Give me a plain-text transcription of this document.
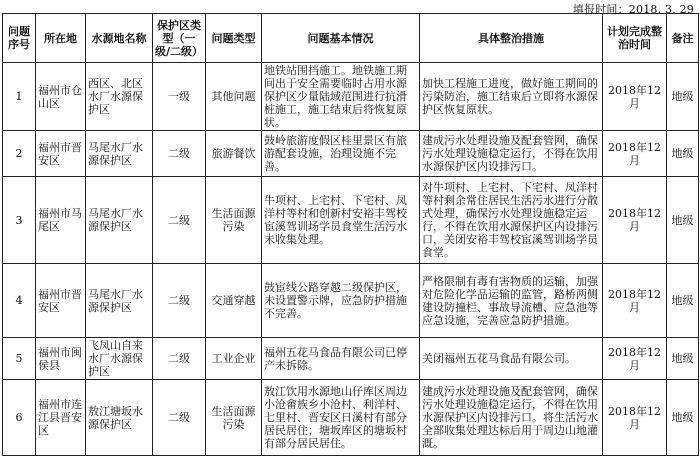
填报时间：2018. 3. 29
问题序号	所在地	水源地名称	保护区类型（一级/二级）	问题类型	问题基本情况	具体整治措施	计划完成整治时间	备注
1	福州市仓山区	西区、北区水厂水源保护区	一级	其他问题	地铁站围挡施工。地铁施工期间出于安全需要临时占用水源保护区少量陆域范围进行抗滑桩施工，施工结束后将恢复原状。	加快工程施工进度，做好施工期间的污染防治，施工结束后立即将水源保护区恢复原状。	2018年12月	地级
2	福州市晋安区	马尾水厂水源保护区	二级	旅游餐饮	鼓岭旅游度假区桂里景区有旅游配套设施，治理设施不完善。	建成污水处理设施及配套管网，确保污水处理设施稳定运行，不得在饮用水源保护区内设排污口。	2018年12月	地级
3	福州市马尾区	马尾水厂水源保护区	二级	生活面源污染	牛项村、上宅村、下宅村、凤洋村等村和创新村安裕丰驾校宦溪驾训场学员食堂生活污水未收集处理。	对牛项村、上宅村、下宅村、凤洋村等村剩余常住居民生活污水进行分散式处理，确保污水处理设施稳定运行，不得在饮用水源保护区内设排污口，关闭安裕丰驾校宦溪驾训场学员食堂。	2018年12月	地级
4	福州市晋安区	马尾水厂水源保护区	二级	交通穿越	鼓宦线公路穿越二级保护区，未设置警示牌，应急防护措施不完善。	严格限制有毒有害物质的运输，加强对危险化学品运输的监管，路桥两侧建设防撞栏、事故导流槽、应急池等应急设施，完善应急防护措施。	2018年12月	地级
5	福州市闽侯县	飞凤山自来水厂水源保护区	二级	工业企业	福州五花马食品有限公司已停产未拆除。	关闭福州五花马食品有限公司。	2018年12月	地级
6	福州市连江县晋安区	敖江塘坂水源保护区	二级	生活面源污染	敖江饮用水源地山仔库区周边小沧畲族乡小沧村、利洋村、七里村、晋安区日溪村有部分居民居住；塘坂库区的塘坂村有部分居民居住。	建成污水处理设施及配套管网，确保污水处理设施稳定运行，不得在饮用水源保护区内设排污口。将生活污水全部收集处理达标后用于周边山地灌溉。	2018年12月	地级
